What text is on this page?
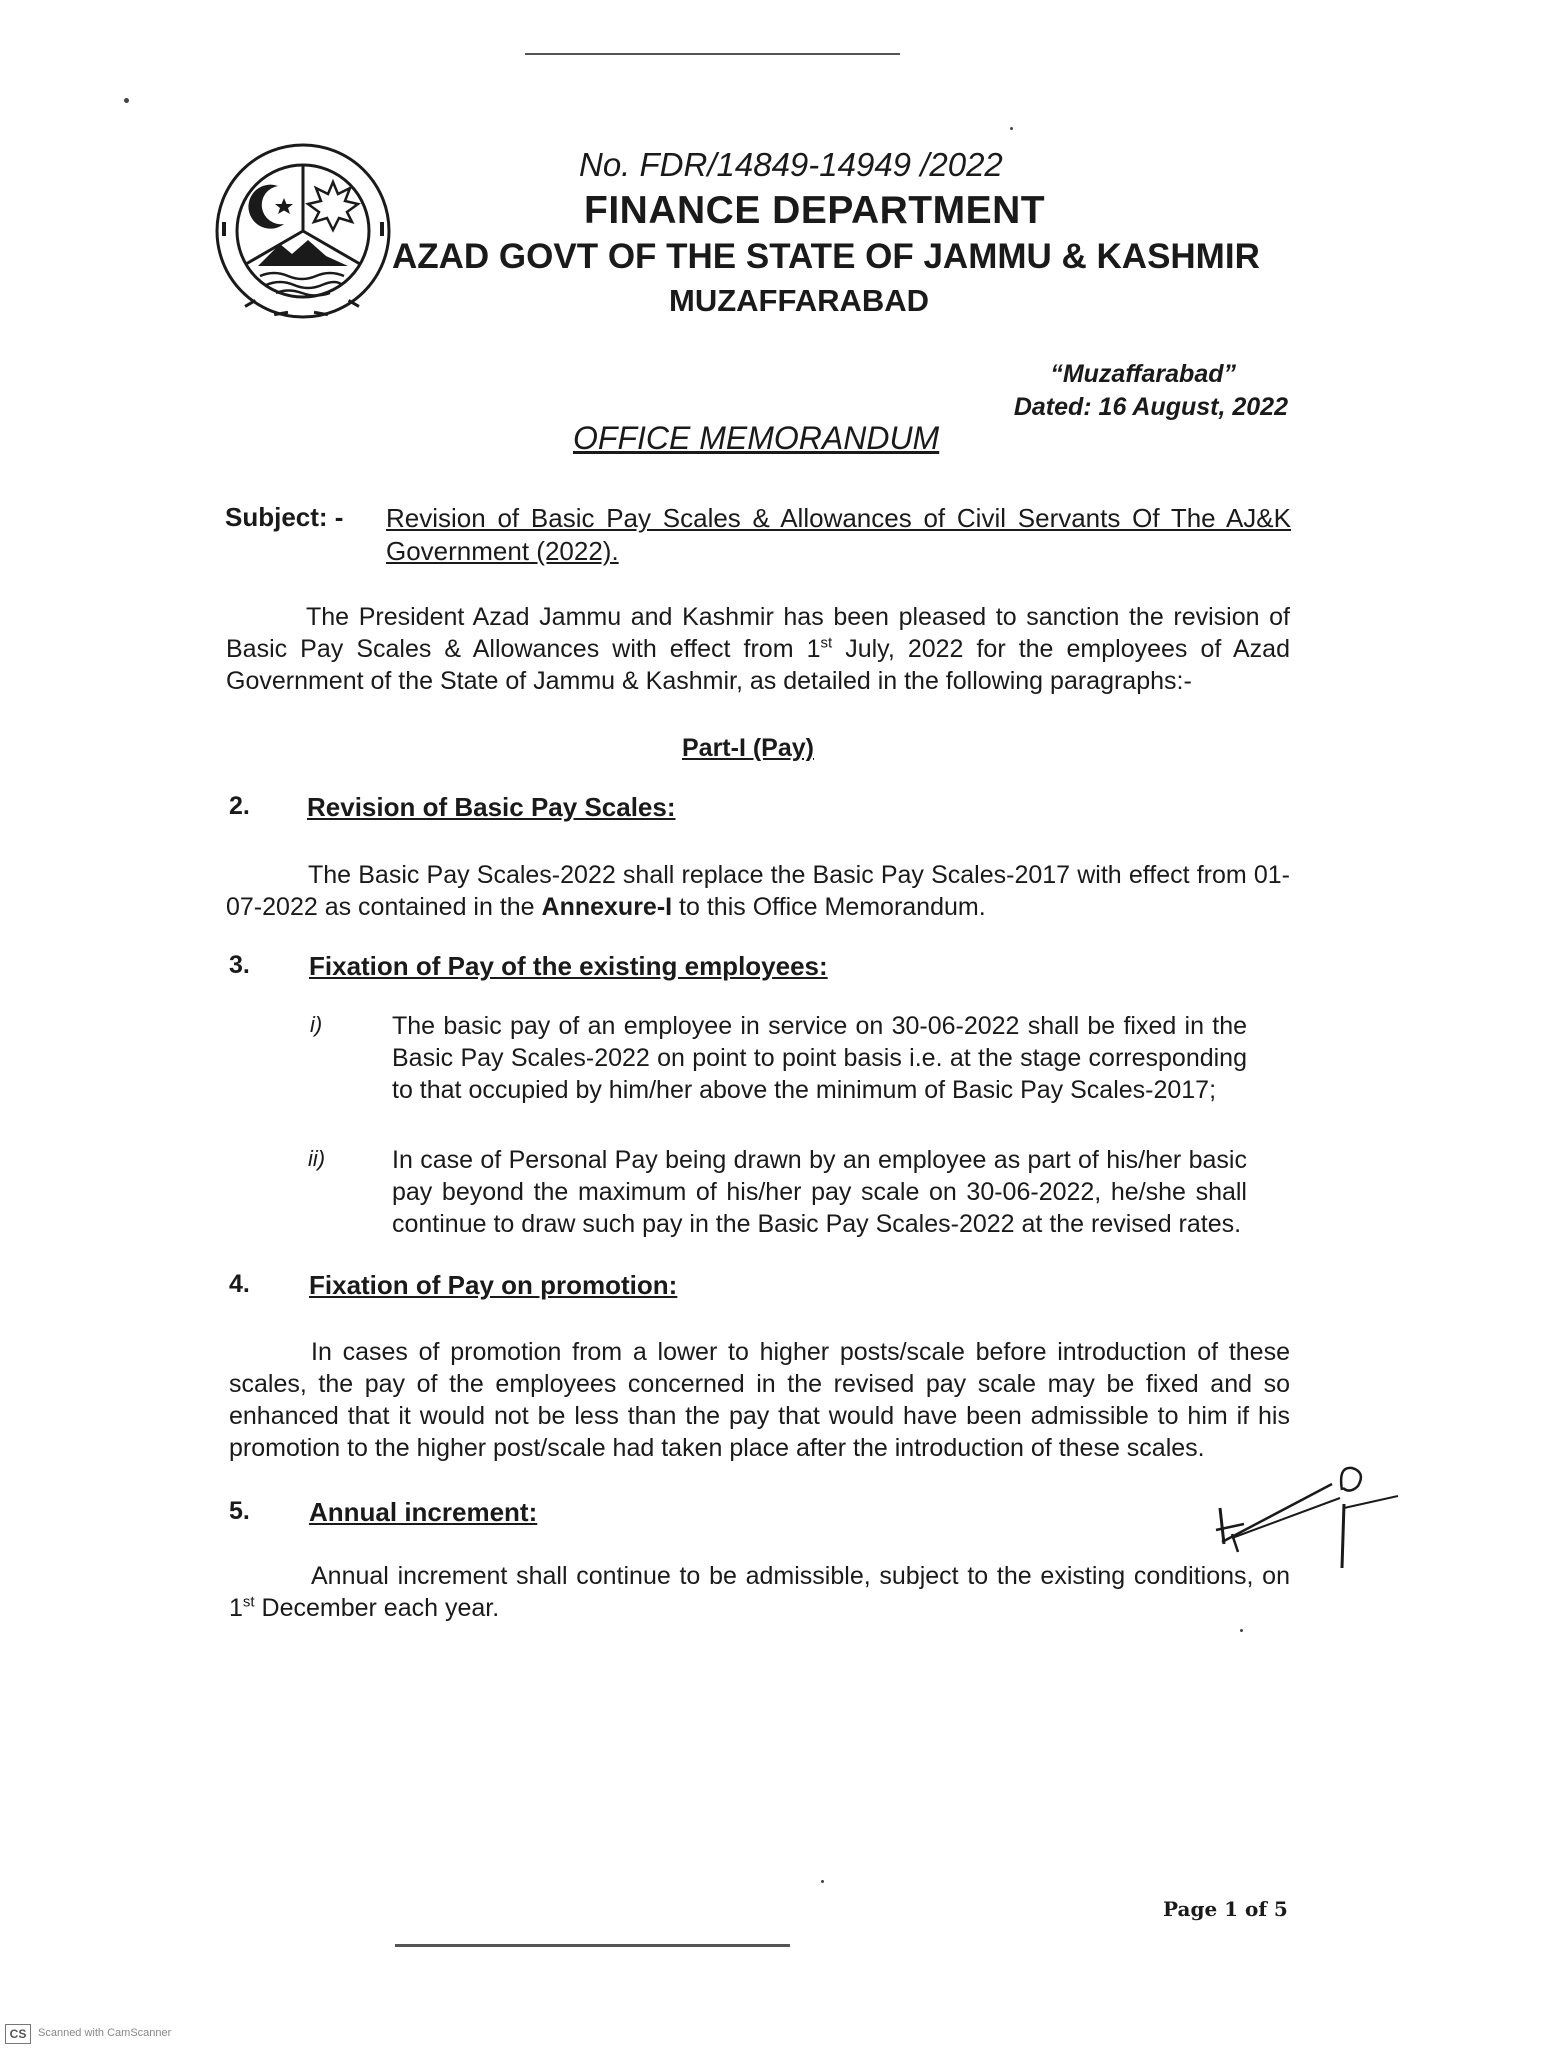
No. FDR/14849-14949 /2022
FINANCE DEPARTMENT
AZAD GOVT OF THE STATE OF JAMMU & KASHMIR
MUZAFFARABAD
“Muzaffarabad”
Dated: 16 August, 2022
OFFICE MEMORANDUM
Subject: - Revision of Basic Pay Scales & Allowances of Civil Servants Of The AJ&K Government (2022).
The President Azad Jammu and Kashmir has been pleased to sanction the revision of Basic Pay Scales & Allowances with effect from 1st July, 2022 for the employees of Azad Government of the State of Jammu & Kashmir, as detailed in the following paragraphs:-
Part-I (Pay)
2. Revision of Basic Pay Scales:
The Basic Pay Scales-2022 shall replace the Basic Pay Scales-2017 with effect from 01-07-2022 as contained in the Annexure-I to this Office Memorandum.
3. Fixation of Pay of the existing employees:
i)	The basic pay of an employee in service on 30-06-2022 shall be fixed in the Basic Pay Scales-2022 on point to point basis i.e. at the stage corresponding to that occupied by him/her above the minimum of Basic Pay Scales-2017;
ii)	In case of Personal Pay being drawn by an employee as part of his/her basic pay beyond the maximum of his/her pay scale on 30-06-2022, he/she shall continue to draw such pay in the Basic Pay Scales-2022 at the revised rates.
4. Fixation of Pay on promotion:
In cases of promotion from a lower to higher posts/scale before introduction of these scales, the pay of the employees concerned in the revised pay scale may be fixed and so enhanced that it would not be less than the pay that would have been admissible to him if his promotion to the higher post/scale had taken place after the introduction of these scales.
5. Annual increment:
Annual increment shall continue to be admissible, subject to the existing conditions, on 1st December each year.
Page 1 of 5
CS	Scanned with CamScanner
